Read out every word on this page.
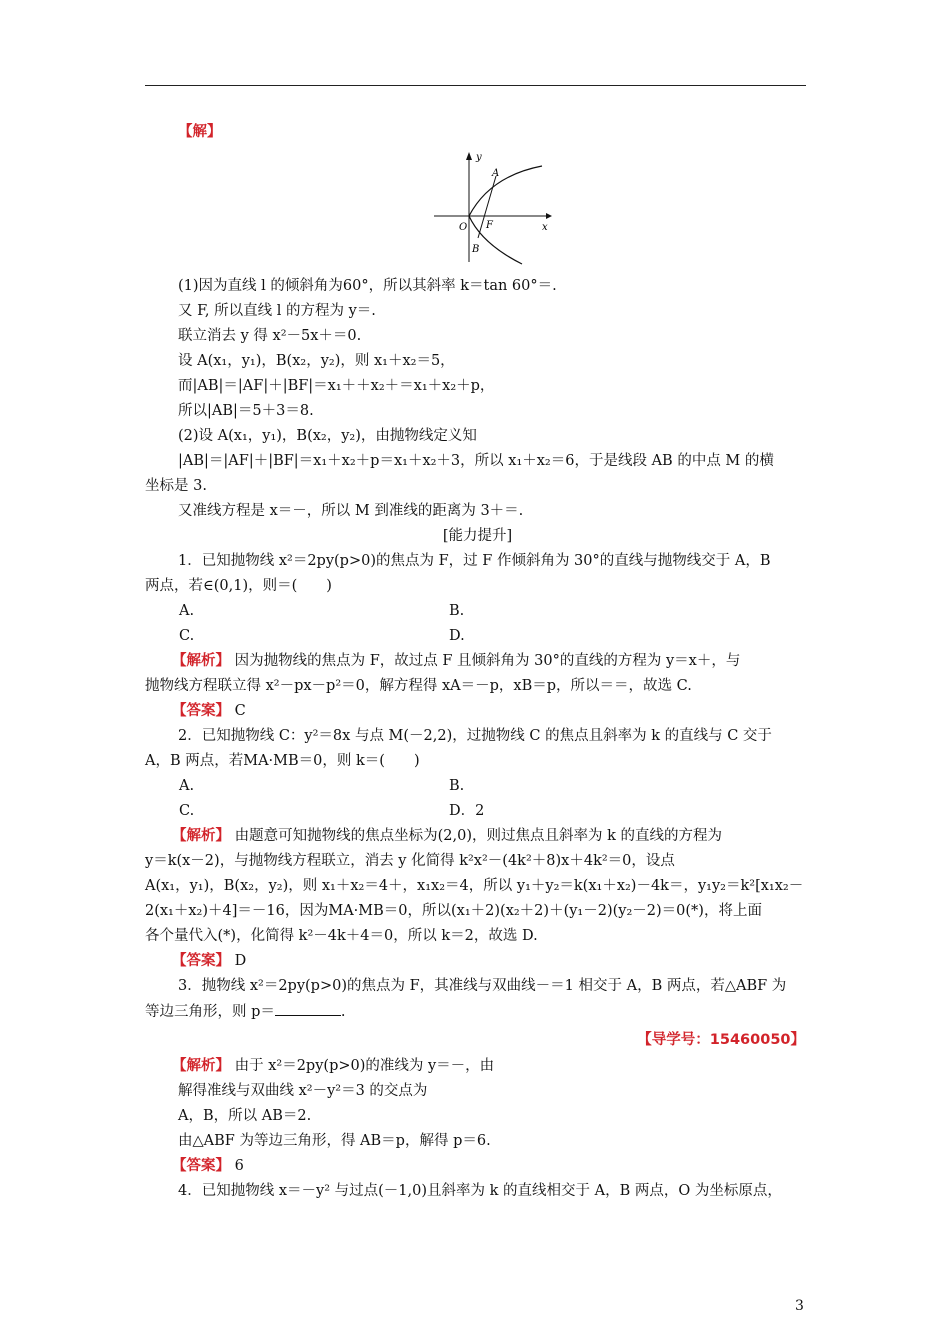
【解】
y
x
A
B
O F
(1)因为直线 l 的倾斜角为60°，所以其斜率 k＝tan 60°＝.
又 F, 所以直线 l 的方程为 y＝.
联立消去 y 得 x²－5x＋＝0.
设 A(x₁，y₁)，B(x₂，y₂)，则 x₁＋x₂＝5，
而|AB|＝|AF|＋|BF|＝x₁＋＋x₂＋＝x₁＋x₂＋p，
所以|AB|＝5＋3＝8.
(2)设 A(x₁，y₁)，B(x₂，y₂)，由抛物线定义知
|AB|＝|AF|＋|BF|＝x₁＋x₂＋p＝x₁＋x₂＋3，所以 x₁＋x₂＝6，于是线段 AB 的中点 M 的横
坐标是 3.
又准线方程是 x＝－，所以 M 到准线的距离为 3＋＝.
[能力提升]
1．已知抛物线 x²＝2py(p>0)的焦点为 F，过 F 作倾斜角为 30°的直线与抛物线交于 A，B
两点，若∈(0,1)，则＝(　　)
A.	B.
C.	D.
【解析】 因为抛物线的焦点为 F，故过点 F 且倾斜角为 30°的直线的方程为 y＝x＋，与
抛物线方程联立得 x²－px－p²＝0，解方程得 xA＝－p，xB＝p，所以＝＝，故选 C.
【答案】 C
2．已知抛物线 C：y²＝8x 与点 M(－2,2)，过抛物线 C 的焦点且斜率为 k 的直线与 C 交于
A，B 两点，若MA·MB＝0，则 k＝(　　)
A.	B.
C.	D．2
【解析】 由题意可知抛物线的焦点坐标为(2,0)，则过焦点且斜率为 k 的直线的方程为
y＝k(x－2)，与抛物线方程联立，消去 y 化简得 k²x²－(4k²＋8)x＋4k²＝0，设点
A(x₁，y₁)，B(x₂，y₂)，则 x₁＋x₂＝4＋，x₁x₂＝4，所以 y₁＋y₂＝k(x₁＋x₂)－4k＝，y₁y₂＝k²[x₁x₂－
2(x₁＋x₂)＋4]＝－16，因为MA·MB＝0，所以(x₁＋2)(x₂＋2)＋(y₁－2)(y₂－2)＝0(*)，将上面
各个量代入(*)，化简得 k²－4k＋4＝0，所以 k＝2，故选 D.
【答案】 D
3．抛物线 x²＝2py(p>0)的焦点为 F，其准线与双曲线－＝1 相交于 A，B 两点，若△ABF 为
等边三角形，则 p＝	.
【导学号：15460050】
【解析】 由于 x²＝2py(p>0)的准线为 y＝－，由
解得准线与双曲线 x²－y²＝3 的交点为
A，B，所以 AB＝2.
由△ABF 为等边三角形，得 AB＝p，解得 p＝6.
【答案】 6
4．已知抛物线 x＝－y² 与过点(－1,0)且斜率为 k 的直线相交于 A，B 两点，O 为坐标原点，
3
